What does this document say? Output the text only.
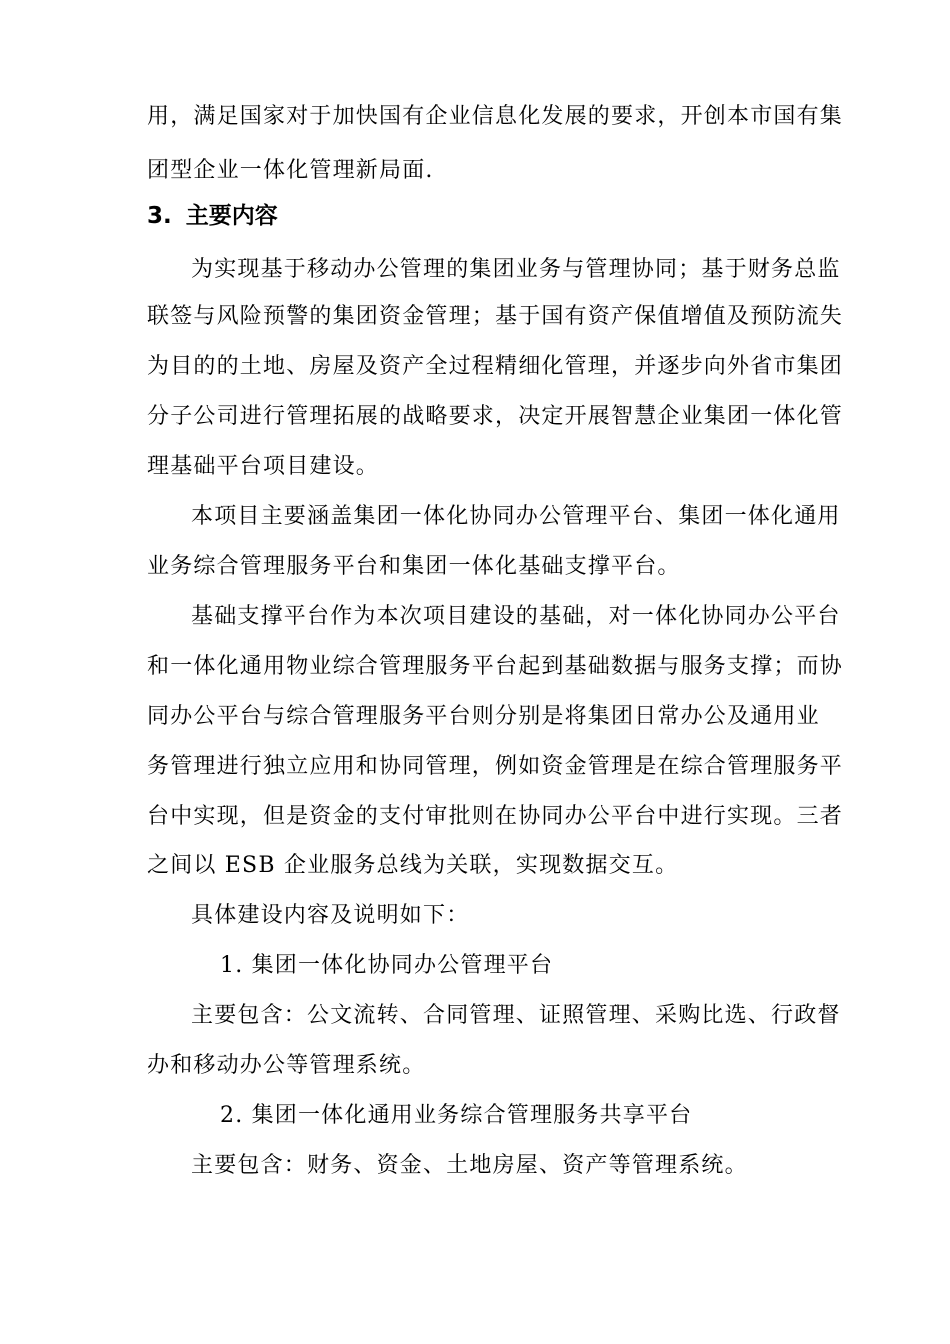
用，满足国家对于加快国有企业信息化发展的要求，开创本市国有集
团型企业一体化管理新局面.
3. 主要内容
为实现基于移动办公管理的集团业务与管理协同；基于财务总监
联签与风险预警的集团资金管理；基于国有资产保值增值及预防流失
为目的的土地、房屋及资产全过程精细化管理，并逐步向外省市集团
分子公司进行管理拓展的战略要求，决定开展智慧企业集团一体化管
理基础平台项目建设。
本项目主要涵盖集团一体化协同办公管理平台、集团一体化通用
业务综合管理服务平台和集团一体化基础支撑平台。
基础支撑平台作为本次项目建设的基础，对一体化协同办公平台
和一体化通用物业综合管理服务平台起到基础数据与服务支撑；而协
同办公平台与综合管理服务平台则分别是将集团日常办公及通用业
务管理进行独立应用和协同管理，例如资金管理是在综合管理服务平
台中实现，但是资金的支付审批则在协同办公平台中进行实现。三者
之间以 ESB 企业服务总线为关联，实现数据交互。
具体建设内容及说明如下：
1. 集团一体化协同办公管理平台
主要包含：公文流转、合同管理、证照管理、采购比选、行政督
办和移动办公等管理系统。
2. 集团一体化通用业务综合管理服务共享平台
主要包含：财务、资金、土地房屋、资产等管理系统。
